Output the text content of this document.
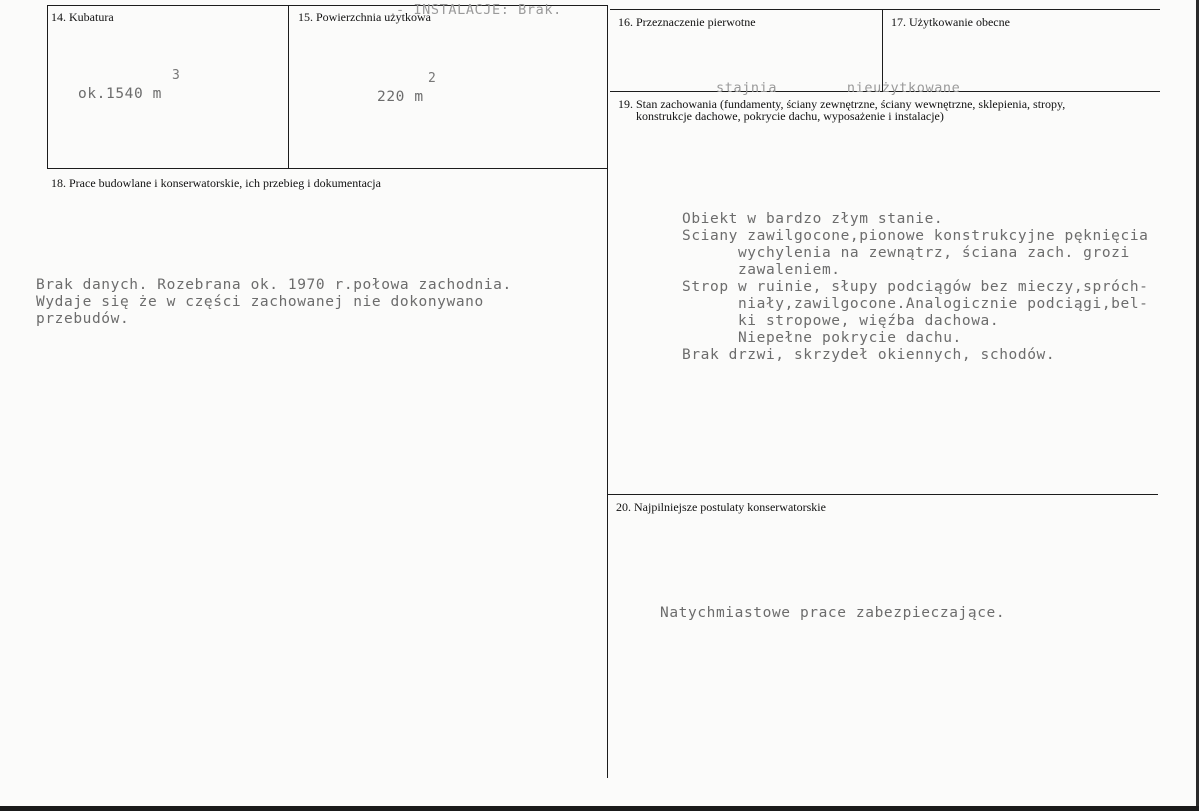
- INSTALACJE: Brak.
stajnia        nieużytkowane
14. Kubatura
3
ok.1540 m
15. Powierzchnia użytkowa
2
220 m
16. Przeznaczenie pierwotne	17. Użytkowanie obecne
19. Stan zachowania (fundamenty, ściany zewnętrzne, ściany wewnętrzne, sklepienia, stropy,
konstrukcje dachowe, pokrycie dachu, wyposażenie i instalacje)
Obiekt w bardzo złym stanie.
Sciany zawilgocone,pionowe konstrukcyjne pęknięcia
wychylenia na zewnątrz, ściana zach. grozi
zawaleniem.
Strop w ruinie, słupy podciągów bez mieczy,spróch-
niały,zawilgocone.Analogicznie podciągi,bel-
ki stropowe, więźba dachowa.
Niepełne pokrycie dachu.
Brak drzwi, skrzydeł okiennych, schodów.
18. Prace budowlane i konserwatorskie, ich przebieg i dokumentacja
Brak danych. Rozebrana ok. 1970 r.połowa zachodnia.
Wydaje się że w części zachowanej nie dokonywano
przebudów.
20. Najpilniejsze postulaty konserwatorskie
Natychmiastowe prace zabezpieczające.
